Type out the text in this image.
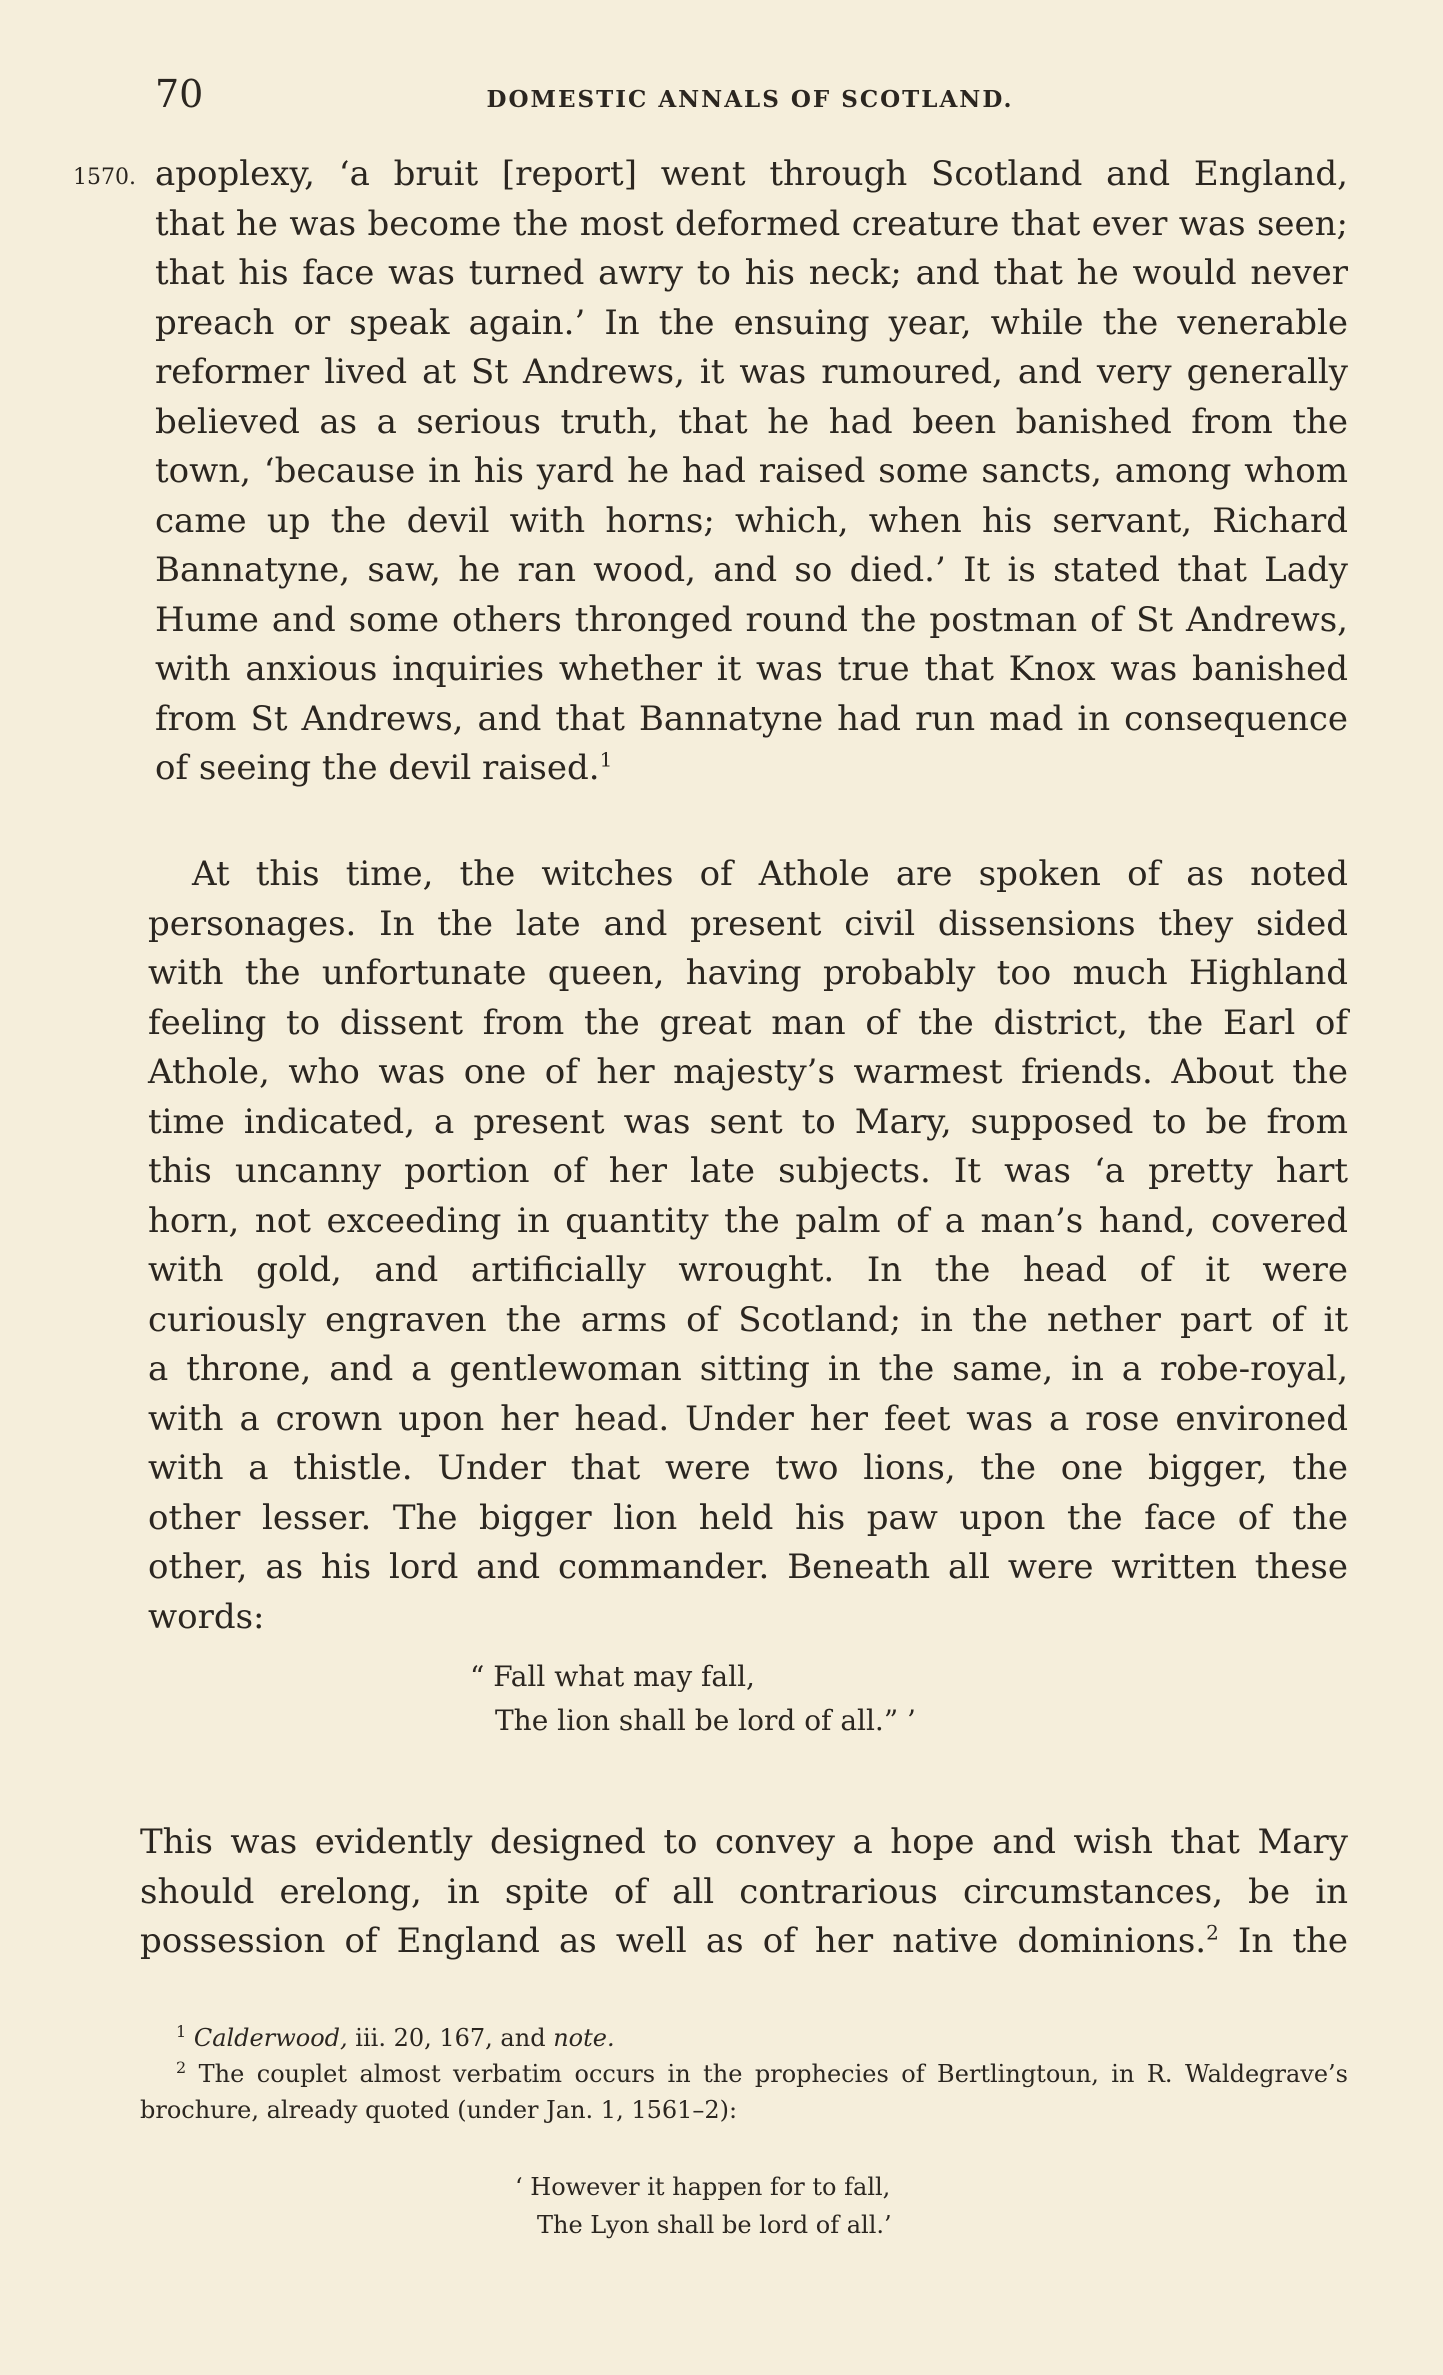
70	DOMESTIC ANNALS OF SCOTLAND.
1570. apoplexy, ‘a bruit [report] went through Scotland and England,
that he was become the most deformed creature that ever was seen;
that his face was turned awry to his neck; and that he would never
preach or speak again.’ In the ensuing year, while the venerable
reformer lived at St Andrews, it was rumoured, and very generally
believed as a serious truth, that he had been banished from the
town, ‘because in his yard he had raised some sancts, among whom
came up the devil with horns; which, when his servant, Richard
Bannatyne, saw, he ran wood, and so died.’ It is stated that Lady
Hume and some others thronged round the postman of St Andrews,
with anxious inquiries whether it was true that Knox was banished
from St Andrews, and that Bannatyne had run mad in consequence
of seeing the devil raised.$^1$
At this time, the witches of Athole are spoken of as noted
personages. In the late and present civil dissensions they sided
with the unfortunate queen, having probably too much Highland
feeling to dissent from the great man of the district, the Earl of
Athole, who was one of her majesty’s warmest friends. About the
time indicated, a present was sent to Mary, supposed to be from
this uncanny portion of her late subjects. It was ‘a pretty hart
horn, not exceeding in quantity the palm of a man’s hand, covered
with gold, and artificially wrought. In the head of it were
curiously engraven the arms of Scotland; in the nether part of it
a throne, and a gentlewoman sitting in the same, in a robe-royal,
with a crown upon her head. Under her feet was a rose environed
with a thistle. Under that were two lions, the one bigger, the
other lesser. The bigger lion held his paw upon the face of the
other, as his lord and commander. Beneath all were written these
words:
“ Fall what may fall,
The lion shall be lord of all.” ’
This was evidently designed to convey a hope and wish that Mary
should erelong, in spite of all contrarious circumstances, be in
possession of England as well as of her native dominions.$^2$ In the
$^1$ Calderwood, iii. 20, 167, and note.
$^2$ The couplet almost verbatim occurs in the prophecies of Bertlingtoun, in R. Waldegrave’s brochure, already quoted (under Jan. 1, 1561–2):
‘ However it happen for to fall,
The Lyon shall be lord of all.’
